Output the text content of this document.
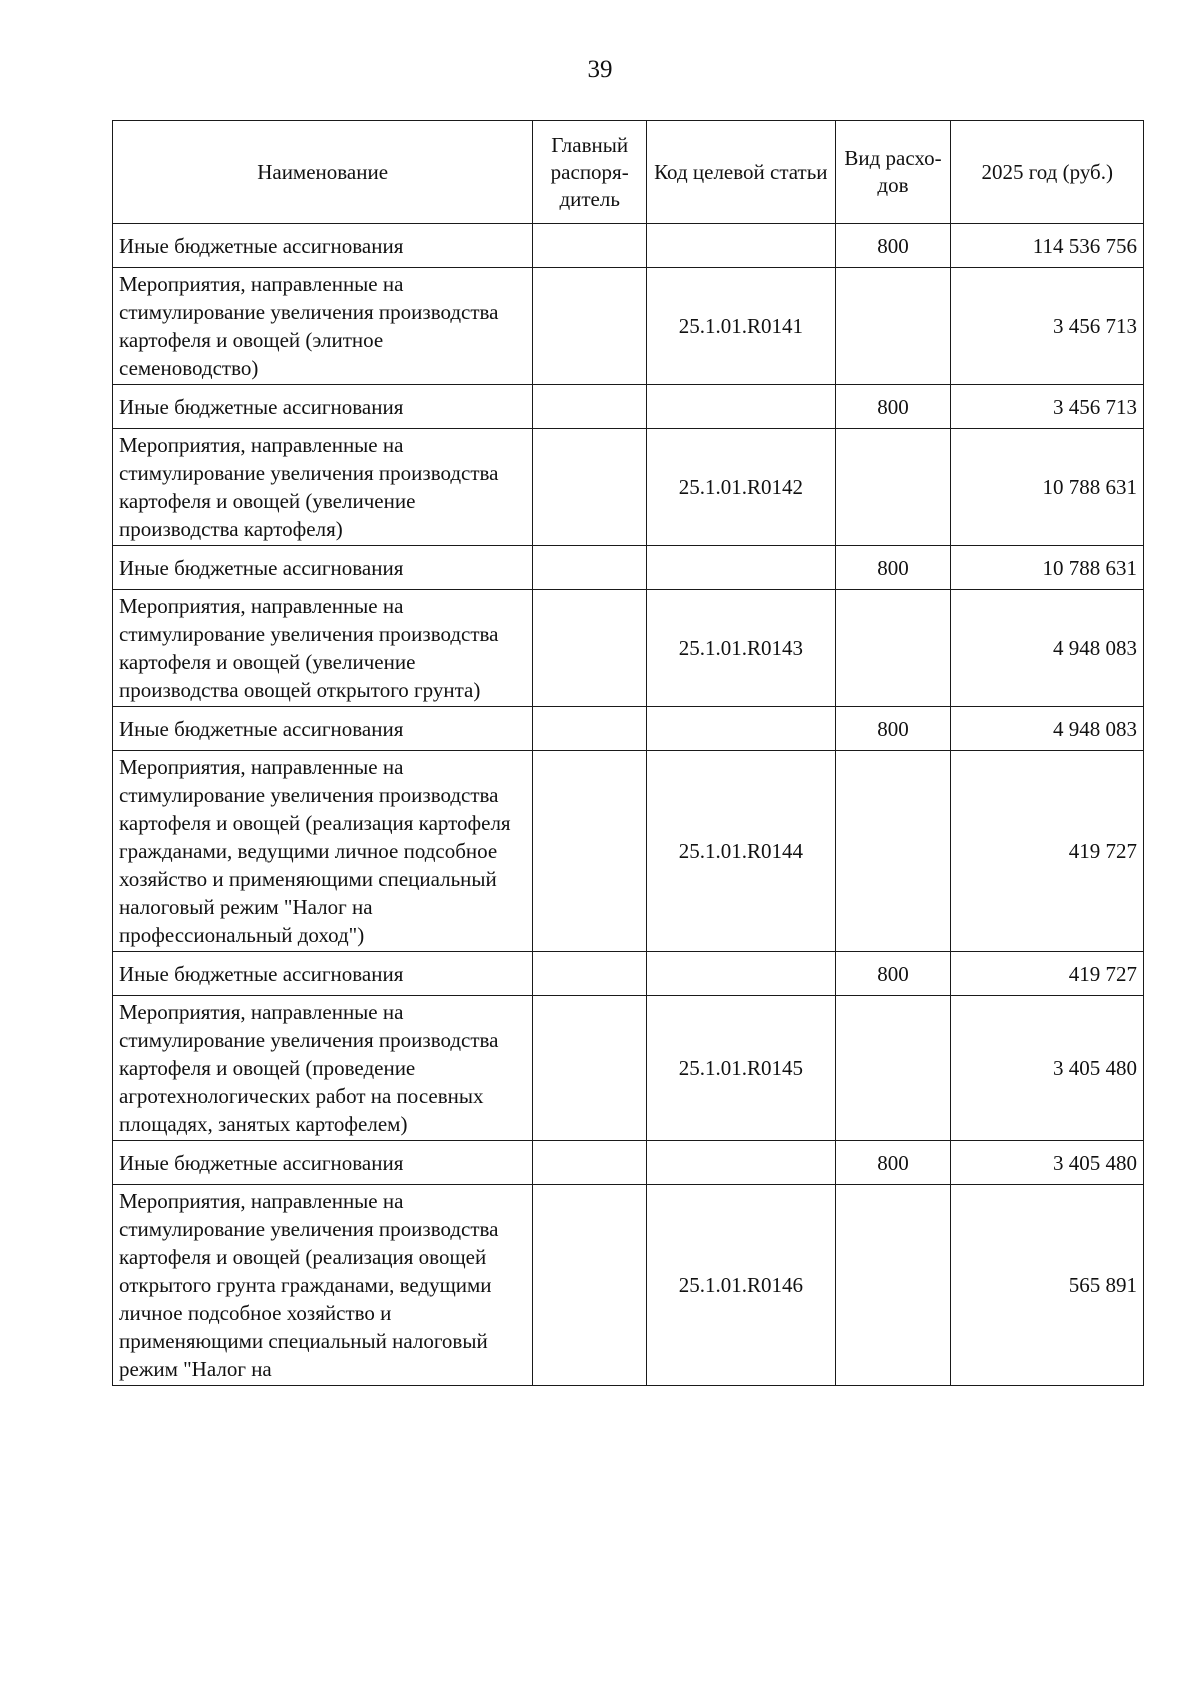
39
Наименование	Главный распоря-дитель	Код целевой статьи	Вид расхо-дов	2025 год (руб.)
Иные бюджетные ассигнования			800	114 536 756
Мероприятия, направленные на стимулирование увеличения производства картофеля и овощей (элитное семеноводство)		25.1.01.R0141		3 456 713
Иные бюджетные ассигнования			800	3 456 713
Мероприятия, направленные на стимулирование увеличения производства картофеля и овощей (увеличение производства картофеля)		25.1.01.R0142		10 788 631
Иные бюджетные ассигнования			800	10 788 631
Мероприятия, направленные на стимулирование увеличения производства картофеля и овощей (увеличение производства овощей открытого грунта)		25.1.01.R0143		4 948 083
Иные бюджетные ассигнования			800	4 948 083
Мероприятия, направленные на стимулирование увеличения производства картофеля и овощей (реализация картофеля гражданами, ведущими личное подсобное хозяйство и применяющими специальный налоговый режим "Налог на профессиональный доход")		25.1.01.R0144		419 727
Иные бюджетные ассигнования			800	419 727
Мероприятия, направленные на стимулирование увеличения производства картофеля и овощей (проведение агротехнологических работ на посевных площадях, занятых картофелем)		25.1.01.R0145		3 405 480
Иные бюджетные ассигнования			800	3 405 480
Мероприятия, направленные на стимулирование увеличения производства картофеля и овощей (реализация овощей открытого грунта гражданами, ведущими личное подсобное хозяйство и применяющими специальный налоговый режим "Налог на		25.1.01.R0146		565 891
